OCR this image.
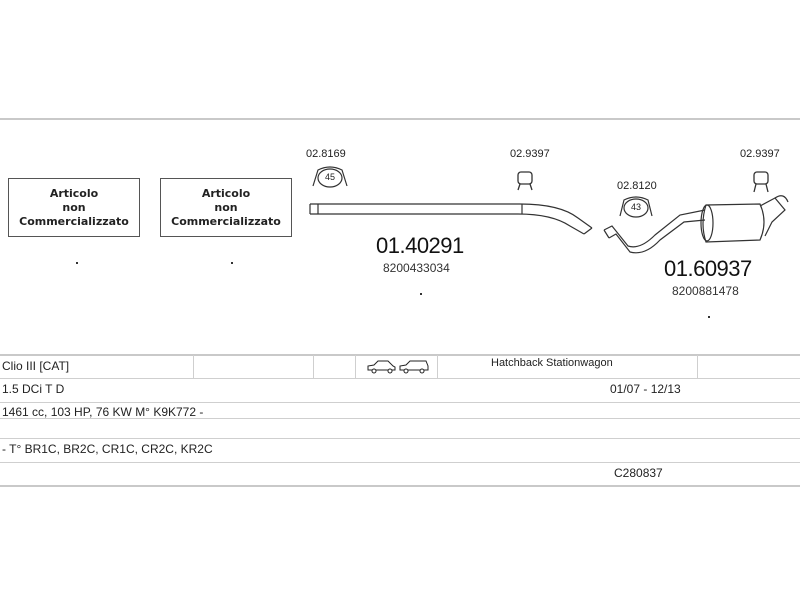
Articolo
non
Commercializzato
Articolo
non
Commercializzato
45
43
02.8169	02.9397
01.40291
8200433034
02.8120
02.9397
01.60937
8200881478
Clio III [CAT]	Hatchback Stationwagon
1.5 DCi T D	01/07 - 12/13
1461 cc, 103 HP, 76 KW M° K9K772 -
- T° BR1C, BR2C, CR1C, CR2C, KR2C
C280837
